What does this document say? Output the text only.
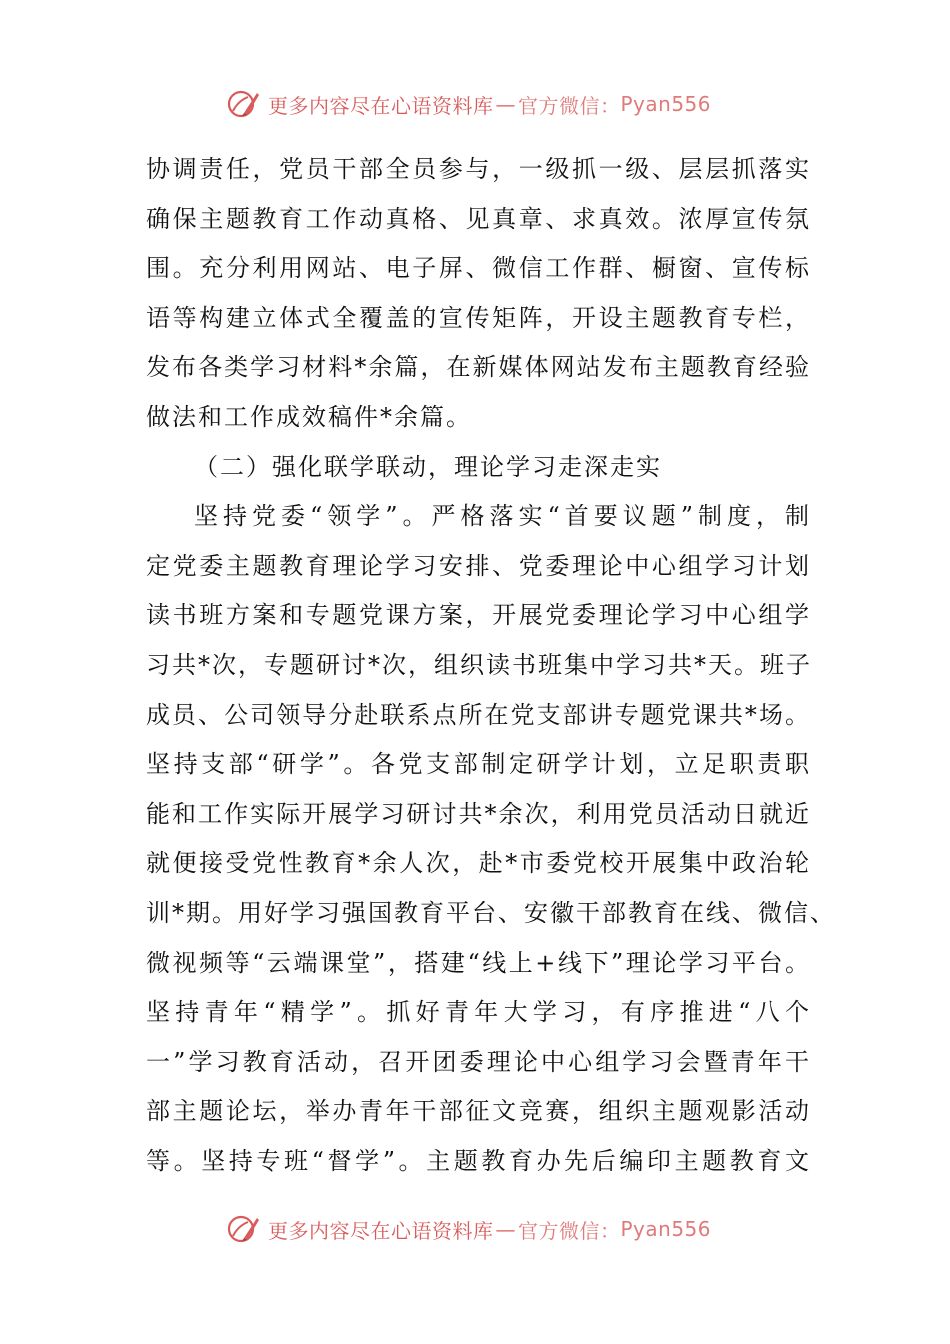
更多内容尽在心语资料库 — 官方微信： Pyan556
协调责任，党员干部全员参与，一级抓一级、层层抓落实
确保主题教育工作动真格、见真章、求真效。浓厚宣传氛
围。充分利用网站、电子屏、微信工作群、橱窗、宣传标
语等构建立体式全覆盖的宣传矩阵，开设主题教育专栏，
发布各类学习材料*余篇，在新媒体网站发布主题教育经验
做法和工作成效稿件*余篇。
（二）强化联学联动，理论学习走深走实
坚持党委“领学”。严格落实“首要议题”制度，制
定党委主题教育理论学习安排、党委理论中心组学习计划
读书班方案和专题党课方案，开展党委理论学习中心组学
习共*次，专题研讨*次，组织读书班集中学习共*天。班子
成员、公司领导分赴联系点所在党支部讲专题党课共*场。
坚持支部“研学”。各党支部制定研学计划，立足职责职
能和工作实际开展学习研讨共*余次，利用党员活动日就近
就便接受党性教育*余人次，赴*市委党校开展集中政治轮
训*期。用好学习强国教育平台、安徽干部教育在线、微信、
微视频等“云端课堂”，搭建“线上+线下”理论学习平台。
坚持青年“精学”。抓好青年大学习，有序推进“八个
一”学习教育活动，召开团委理论中心组学习会暨青年干
部主题论坛，举办青年干部征文竞赛，组织主题观影活动
等。坚持专班“督学”。主题教育办先后编印主题教育文
更多内容尽在心语资料库 — 官方微信： Pyan556
